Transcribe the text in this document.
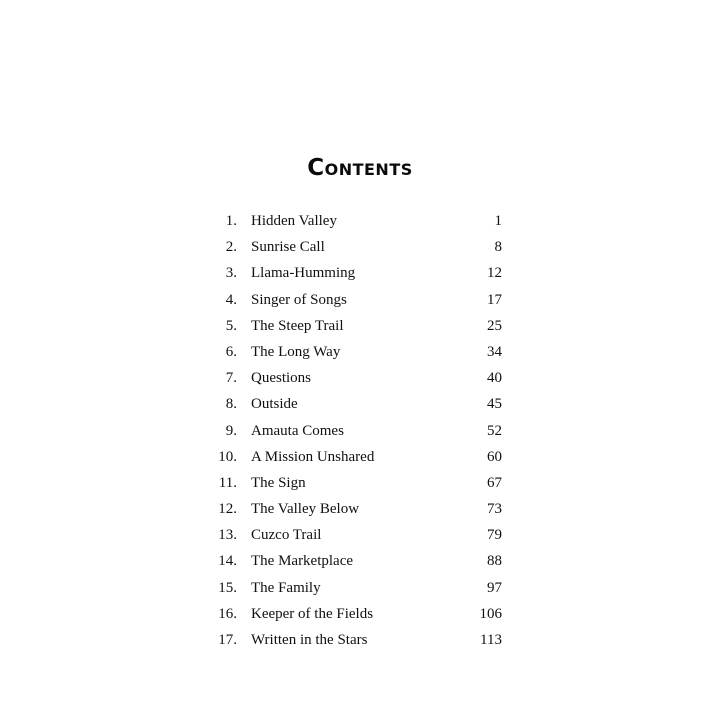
Contents
1. Hidden Valley	1
2. Sunrise Call	8
3. Llama-Humming	12
4. Singer of Songs	17
5. The Steep Trail	25
6. The Long Way	34
7. Questions	40
8. Outside	45
9. Amauta Comes	52
10. A Mission Unshared	60
11. The Sign	67
12. The Valley Below	73
13. Cuzco Trail	79
14. The Marketplace	88
15. The Family	97
16. Keeper of the Fields	106
17. Written in the Stars	113
